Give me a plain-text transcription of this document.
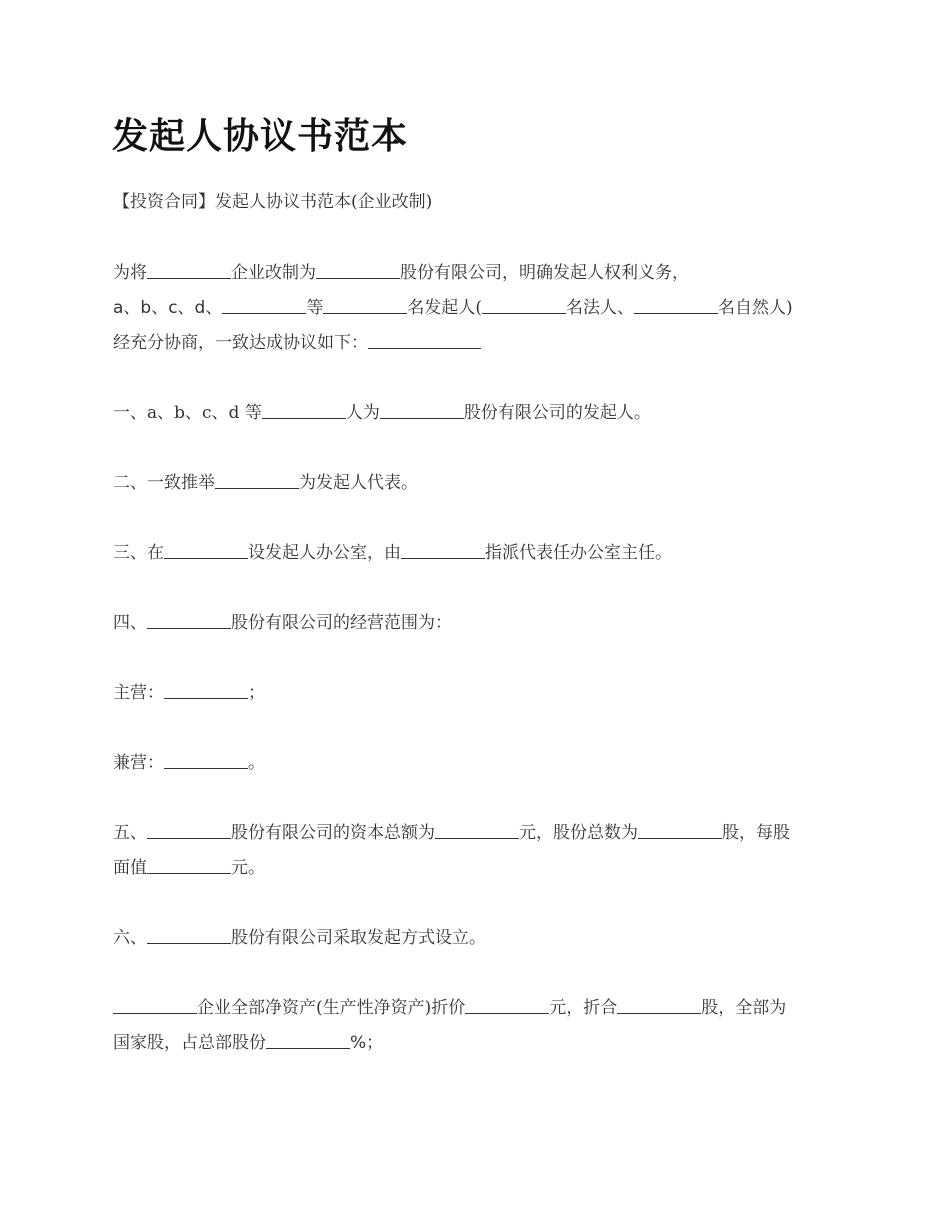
发起人协议书范本
【投资合同】发起人协议书范本(企业改制)
为将	企业改制为	股份有限公司，明确发起人权利义务，
a、b、c、d、	等	名发起人(	名法人、	名自然人)
经充分协商，一致达成协议如下：
一、a、b、c、d 等	人为	股份有限公司的发起人。
二、一致推举	为发起人代表。
三、在	设发起人办公室，由	指派代表任办公室主任。
四、	股份有限公司的经营范围为：
主营：	；
兼营：	。
五、	股份有限公司的资本总额为	元，股份总数为	股，每股
面值	元。
六、	股份有限公司采取发起方式设立。
企业全部净资产(生产性净资产)折价	元，折合	股，全部为
国家股，占总部股份	%；
